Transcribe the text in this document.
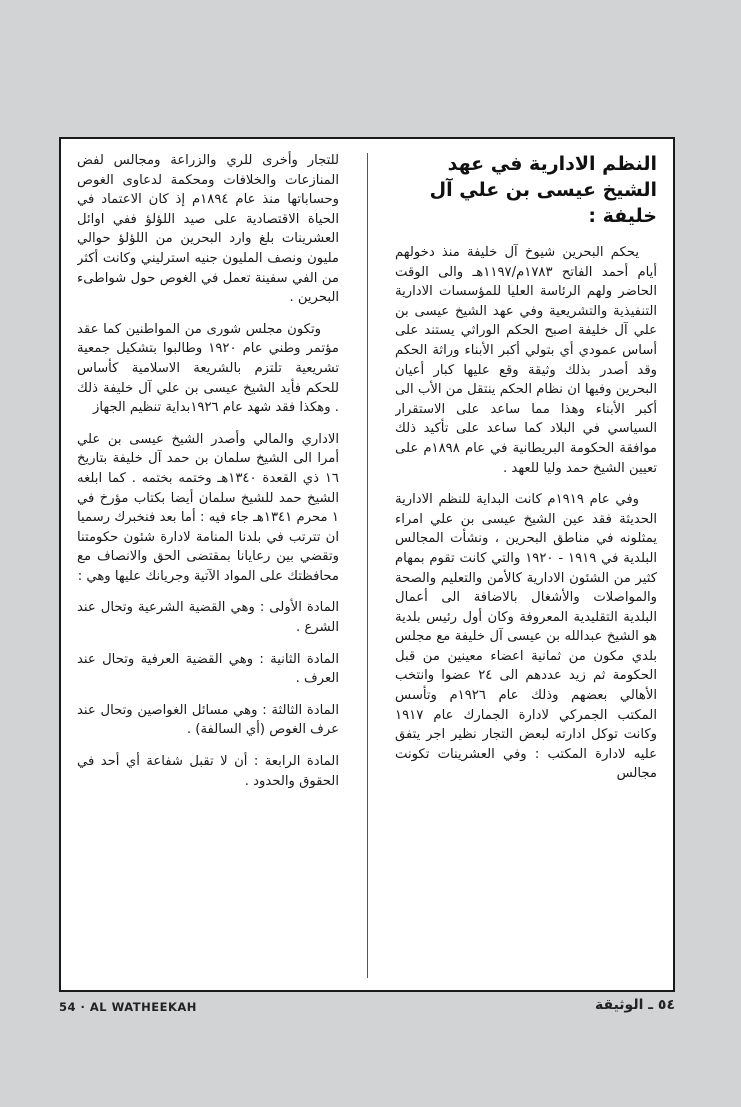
النظم الادارية في عهد الشيخ عيسى بن علي آل خليفة :

يحكم البحرين شيوخ آل خليفة منذ دخولهم أيام أحمد الفاتح ١٧٨٣م/١١٩٧هـ والى الوقت الحاضر ولهم الرئاسة العليا للمؤسسات الادارية التنفيذية والتشريعية وفي عهد الشيخ عيسى بن علي آل خليفة اصبح الحكم الوراثي يستند على أساس عمودي أي بتولي أكبر الأبناء وراثة الحكم وقد أصدر بذلك وثيقة وقع عليها كبار أعيان البحرين وفيها ان نظام الحكم ينتقل من الأب الى أكبر الأبناء وهذا مما ساعد على الاستقرار السياسي في البلاد كما ساعد على تأكيد ذلك موافقة الحكومة البريطانية في عام ١٨٩٨م على تعيين الشيخ حمد وليا للعهد .

وفي عام ١٩١٩م كانت البداية للنظم الادارية الحديثة فقد عين الشيخ عيسى بن علي امراء يمثلونه في مناطق البحرين ، ونشأت المجالس البلدية في ١٩١٩ - ١٩٢٠ والتي كانت تقوم بمهام كثير من الشئون الادارية كالأمن والتعليم والصحة والمواصلات والأشغال بالاضافة الى أعمال البلدية التقليدية المعروفة وكان أول رئيس بلدية هو الشيخ عبدالله بن عيسى آل خليفة مع مجلس بلدي مكون من ثمانية اعضاء معينين من قبل الحكومة ثم زيد عددهم الى ٢٤ عضوا وانتخب الأهالي بعضهم وذلك عام ١٩٢٦م وتأسس المكتب الجمركي لادارة الجمارك عام ١٩١٧ وكانت توكل ادارته لبعض التجار نظير اجر يتفق عليه لادارة المكتب : وفي العشرينات تكونت مجالس

للتجار وأخرى للري والزراعة ومجالس لفض المنازعات والخلافات ومحكمة لدعاوى الغوص وحساباتها منذ عام ١٨٩٤م إذ كان الاعتماد في الحياة الاقتصادية على صيد اللؤلؤ ففي اوائل العشرينات بلغ وارد البحرين من اللؤلؤ حوالي مليون ونصف المليون جنيه استرليني وكانت أكثر من الفي سفينة تعمل في الغوص حول شواطىء البحرين .

وتكون مجلس شورى من المواطنين كما عقد مؤتمر وطني عام ١٩٢٠ وطالبوا بتشكيل جمعية تشريعية تلتزم بالشريعة الاسلامية كأساس للحكم فأيد الشيخ عيسى بن علي آل خليفة ذلك . وهكذا فقد شهد عام ١٩٢٦بداية تنظيم الجهاز

الاداري والمالي وأصدر الشيخ عيسى بن علي أمرا الى الشيخ سلمان بن حمد آل خليفة بتاريخ ١٦ ذي القعدة ١٣٤٠هـ وختمه بختمه . كما ابلغه الشيخ حمد للشيخ سلمان أيضا بكتاب مؤرخ في ١ محرم ١٣٤١هـ جاء فيه : أما بعد فنخبرك رسميا ان تترتب في بلدنا المنامة لادارة شئون حكومتنا وتقضي بين رعايانا بمقتضى الحق والانصاف مع محافظتك على المواد الآتية وجريانك عليها وهي :

المادة الأولى : وهي القضية الشرعية وتحال عند الشرع .

المادة الثانية : وهي القضية العرفية وتحال عند العرف .

المادة الثالثة : وهي مسائل الغواصين وتحال عند عرف الغوص (أي السالفة) .

المادة الرابعة : أن لا تقبل شفاعة أي أحد في الحقوق والحدود .

54 · AL WATHEEKAH	٥٤ ـ الوثيقة
